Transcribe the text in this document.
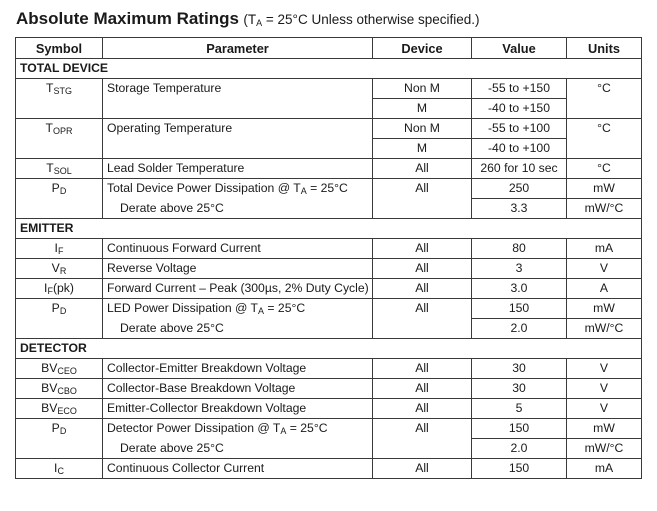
Absolute Maximum Ratings ($T_A = 25^\circ C$ Unless otherwise specified.)
Symbol	Parameter	Device	Value	Units
TOTAL DEVICE				
$T_{STG}$	Storage Temperature	Non M	-55 to +150	°C
		M	-40 to +150	
$T_{OPR}$	Operating Temperature	Non M	-55 to +100	°C
		M	-40 to +100	
$T_{SOL}$	Lead Solder Temperature	All	260 for 10 sec	°C
$P_D$	Total Device Power Dissipation @ $T_A = 25^\circ C$	All	250	mW
	Derate above 25°C		3.3	mW/°C
EMITTER				
$I_F$	Continuous Forward Current	All	80	mA
$V_R$	Reverse Voltage	All	3	V
$I_F(pk)$	Forward Current – Peak (300µs, 2% Duty Cycle)	All	3.0	A
$P_D$	LED Power Dissipation @ $T_A = 25^\circ C$	All	150	mW
	Derate above 25°C		2.0	mW/°C
DETECTOR				
$BV_{CEO}$	Collector-Emitter Breakdown Voltage	All	30	V
$BV_{CBO}$	Collector-Base Breakdown Voltage	All	30	V
$BV_{ECO}$	Emitter-Collector Breakdown Voltage	All	5	V
$P_D$	Detector Power Dissipation @ $T_A = 25^\circ C$	All	150	mW
	Derate above 25°C		2.0	mW/°C
$I_C$	Continuous Collector Current	All	150	mA
